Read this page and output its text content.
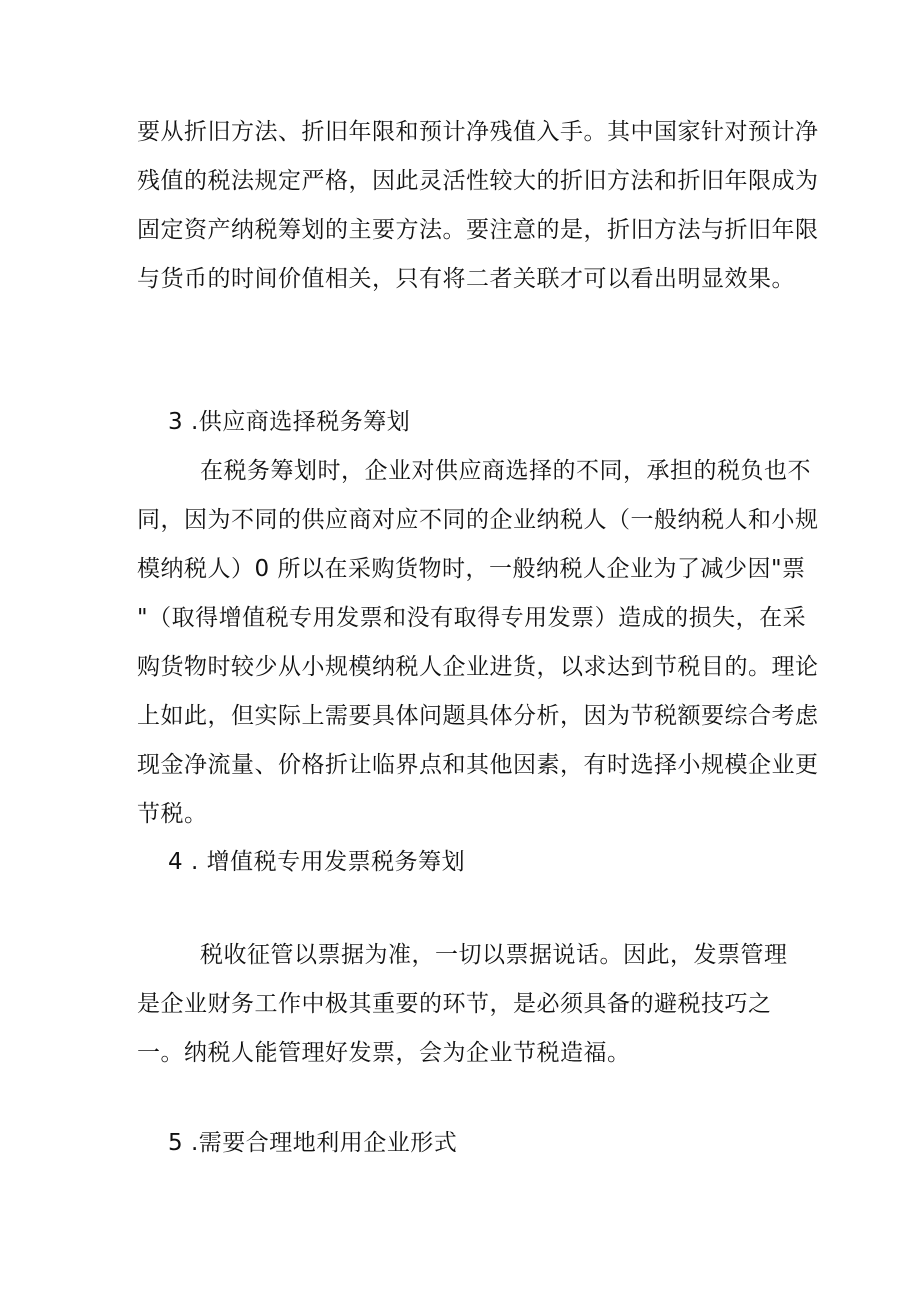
要从折旧方法、折旧年限和预计净残值入手。其中国家针对预计净
残值的税法规定严格，因此灵活性较大的折旧方法和折旧年限成为
固定资产纳税筹划的主要方法。要注意的是，折旧方法与折旧年限
与货币的时间价值相关，只有将二者关联才可以看出明显效果。
3 .供应商选择税务筹划
在税务筹划时，企业对供应商选择的不同，承担的税负也不
同，因为不同的供应商对应不同的企业纳税人（一般纳税人和小规
模纳税人）0 所以在采购货物时，一般纳税人企业为了减少因"票
"（取得增值税专用发票和没有取得专用发票）造成的损失，在采
购货物时较少从小规模纳税人企业进货，以求达到节税目的。理论
上如此，但实际上需要具体问题具体分析，因为节税额要综合考虑
现金净流量、价格折让临界点和其他因素，有时选择小规模企业更
节税。
4 . 增值税专用发票税务筹划
税收征管以票据为准，一切以票据说话。因此，发票管理
是企业财务工作中极其重要的环节，是必须具备的避税技巧之
一。纳税人能管理好发票，会为企业节税造福。
5 .需要合理地利用企业形式
